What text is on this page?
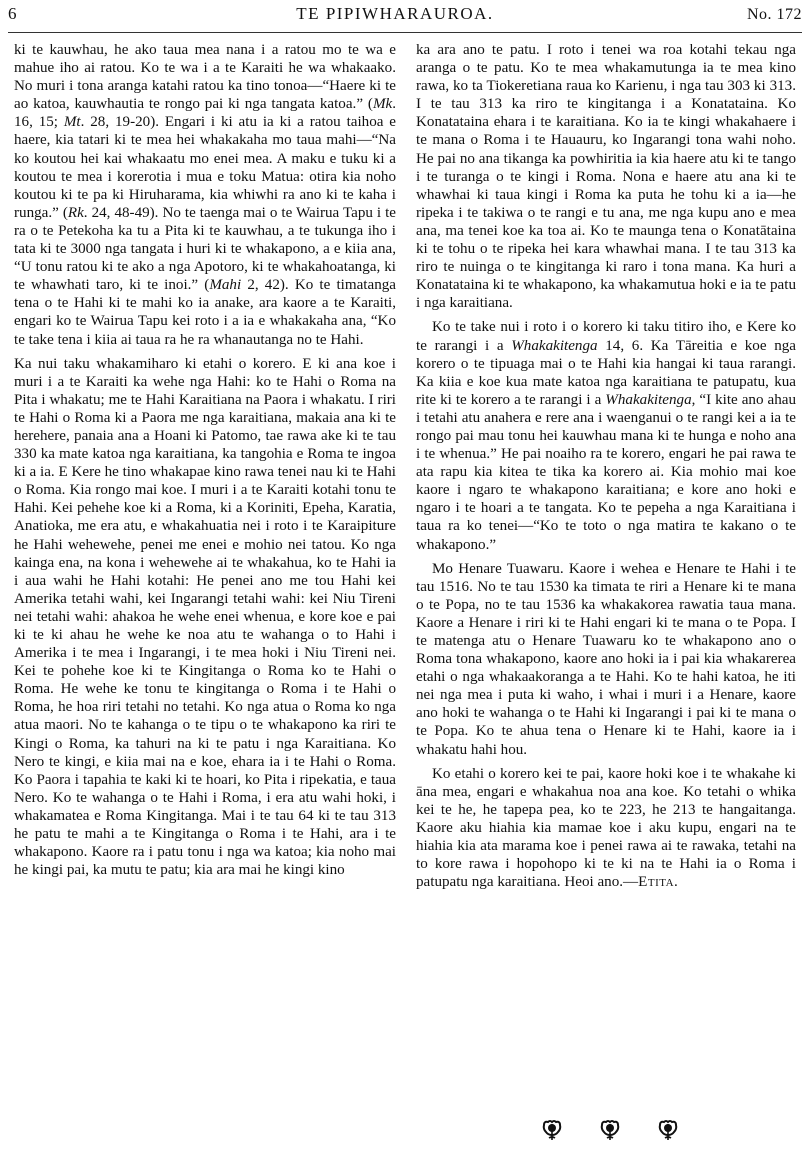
6	TE PIPIWHARAUROA.	No. 172

ki te kauwhau, he ako taua mea nana i a ratou mo te wa e mahue iho ai ratou. Ko te wa i a te Karaiti he wa whakaako. No muri i tona aranga katahi ratou ka tino tonoa—“Haere ki te ao katoa, kauwhautia te rongo pai ki nga tangata katoa.” (Mk. 16, 15; Mt. 28, 19-20). Engari i ki atu ia ki a ratou taihoa e haere, kia tatari ki te mea hei whakakaha mo taua mahi—“Na ko koutou hei kai whakaatu mo enei mea. A maku e tuku ki a koutou te mea i korerotia i mua e toku Matua: otira kia noho koutou ki te pa ki Hiruharama, kia whiwhi ra ano ki te kaha i runga.” (Rk. 24, 48-49). No te taenga mai o te Wairua Tapu i te ra o te Petekoha ka tu a Pita ki te kauwhau, a te tukunga iho i tata ki te 3000 nga tangata i huri ki te whakapono, a e kiia ana, “U tonu ratou ki te ako a nga Apotoro, ki te whakahoatanga, ki te whawhati taro, ki te inoi.” (Mahi 2, 42). Ko te timatanga tena o te Hahi ki te mahi ko ia anake, ara kaore a te Karaiti, engari ko te Wairua Tapu kei roto i a ia e whakakaha ana, “Ko te take tena i kiia ai taua ra he ra whanautanga no te Hahi.

Ka nui taku whakamiharo ki etahi o korero. E ki ana koe i muri i a te Karaiti ka wehe nga Hahi: ko te Hahi o Roma na Pita i whakatu; me te Hahi Karaitiana na Paora i whakatu. I riri te Hahi o Roma ki a Paora me nga karaitiana, makaia ana ki te herehere, panaia ana a Hoani ki Patomo, tae rawa ake ki te tau 330 ka mate katoa nga karaitiana, ka tangohia e Roma te ingoa ki a ia. E Kere he tino whakapae kino rawa tenei nau ki te Hahi o Roma. Kia rongo mai koe. I muri i a te Karaiti kotahi tonu te Hahi. Kei pehehe koe ki a Roma, ki a Koriniti, Epeha, Karatia, Anatioka, me era atu, e whakahuatia nei i roto i te Karaipiture he Hahi wehewehe, penei me enei e mohio nei tatou. Ko nga kainga ena, na kona i wehewehe ai te whakahua, ko te Hahi ia i aua wahi he Hahi kotahi: He penei ano me tou Hahi kei Amerika tetahi wahi, kei Ingarangi tetahi wahi: kei Niu Tireni nei tetahi wahi: ahakoa he wehe enei whenua, e kore koe e pai ki te ki ahau he wehe ke noa atu te wahanga o to Hahi i Amerika i te mea i Ingarangi, i te mea hoki i Niu Tireni nei. Kei te pohehe koe ki te Kingitanga o Roma ko te Hahi o Roma. He wehe ke tonu te kingitanga o Roma i te Hahi o Roma, he hoa riri tetahi no tetahi. Ko nga atua o Roma ko nga atua maori. No te kahanga o te tipu o te whakapono ka riri te Kingi o Roma, ka tahuri na ki te patu i nga Karaitiana. Ko Nero te kingi, e kiia mai na e koe, ehara ia i te Hahi o Roma. Ko Paora i tapahia te kaki ki te hoari, ko Pita i ripekatia, e taua Nero. Ko te wahanga o te Hahi i Roma, i era atu wahi hoki, i whakamatea e Roma Kingitanga. Mai i te tau 64 ki te tau 313 he patu te mahi a te Kingitanga o Roma i te Hahi, ara i te whakapono. Kaore ra i patu tonu i nga wa katoa; kia noho mai he kingi pai, ka mutu te patu; kia ara mai he kingi kino

ka ara ano te patu. I roto i tenei wa roa kotahi tekau nga aranga o te patu. Ko te mea whakamutunga ia te mea kino rawa, ko ta Tiokeretiana raua ko Karienu, i nga tau 303 ki 313. I te tau 313 ka riro te kingitanga i a Konatataina. Ko Konatataina ehara i te karaitiana. Ko ia te kingi whakahaere i te mana o Roma i te Hauauru, ko Ingarangi tona wahi noho. He pai no ana tikanga ka powhiritia ia kia haere atu ki te tango i te turanga o te kingi i Roma. Nona e haere atu ana ki te whawhai ki taua kingi i Roma ka puta he tohu ki a ia—he ripeka i te takiwa o te rangi e tu ana, me nga kupu ano e mea ana, ma tenei koe ka toa ai. Ko te maunga tena o Konatātaina ki te tohu o te ripeka hei kara whawhai mana. I te tau 313 ka riro te nuinga o te kingitanga ki raro i tona mana. Ka huri a Konatataina ki te whakapono, ka whakamutua hoki e ia te patu i nga karaitiana.

Ko te take nui i roto i o korero ki taku titiro iho, e Kere ko te rarangi i a Whakakitenga 14, 6. Ka Tāreitia e koe nga korero o te tipuaga mai o te Hahi kia hangai ki taua rarangi. Ka kiia e koe kua mate katoa nga karaitiana te patupatu, kua rite ki te korero a te rarangi i a Whakakitenga, “I kite ano ahau i tetahi atu anahera e rere ana i waenganui o te rangi kei a ia te rongo pai mau tonu hei kauwhau mana ki te hunga e noho ana i te whenua.” He pai noaiho ra te korero, engari he pai rawa te ata rapu kia kitea te tika ka korero ai. Kia mohio mai koe kaore i ngaro te whakapono karaitiana; e kore ano hoki e ngaro i te hoari a te tangata. Ko te pepeha a nga Karaitiana i taua ra ko tenei—“Ko te toto o nga matira te kakano o te whakapono.”

Mo Henare Tuawaru. Kaore i wehea e Henare te Hahi i te tau 1516. No te tau 1530 ka timata te riri a Henare ki te mana o te Popa, no te tau 1536 ka whakakorea rawatia taua mana. Kaore a Henare i riri ki te Hahi engari ki te mana o te Popa. I te matenga atu o Henare Tuawaru ko te whakapono ano o Roma tona whakapono, kaore ano hoki ia i pai kia whakarerea etahi o nga whakaakoranga a te Hahi. Ko te hahi katoa, he iti nei nga mea i puta ki waho, i whai i muri i a Henare, kaore ano hoki te wahanga o te Hahi ki Ingarangi i pai ki te mana o te Popa. Ko te ahua tena o Henare ki te Hahi, kaore ia i whakatu hahi hou.

Ko etahi o korero kei te pai, kaore hoki koe i te whakahe ki āna mea, engari e whakahua noa ana koe. Ko tetahi o whika kei te he, he tapepa pea, ko te 223, he 213 te hangaitanga. Kaore aku hiahia kia mamae koe i aku kupu, engari na te hiahia kia ata marama koe i penei rawa ai te rawaka, tetahi na to kore rawa i hopohopo ki te ki na te Hahi ia o Roma i patupatu nga karaitiana. Heoi ano.—Etita.
